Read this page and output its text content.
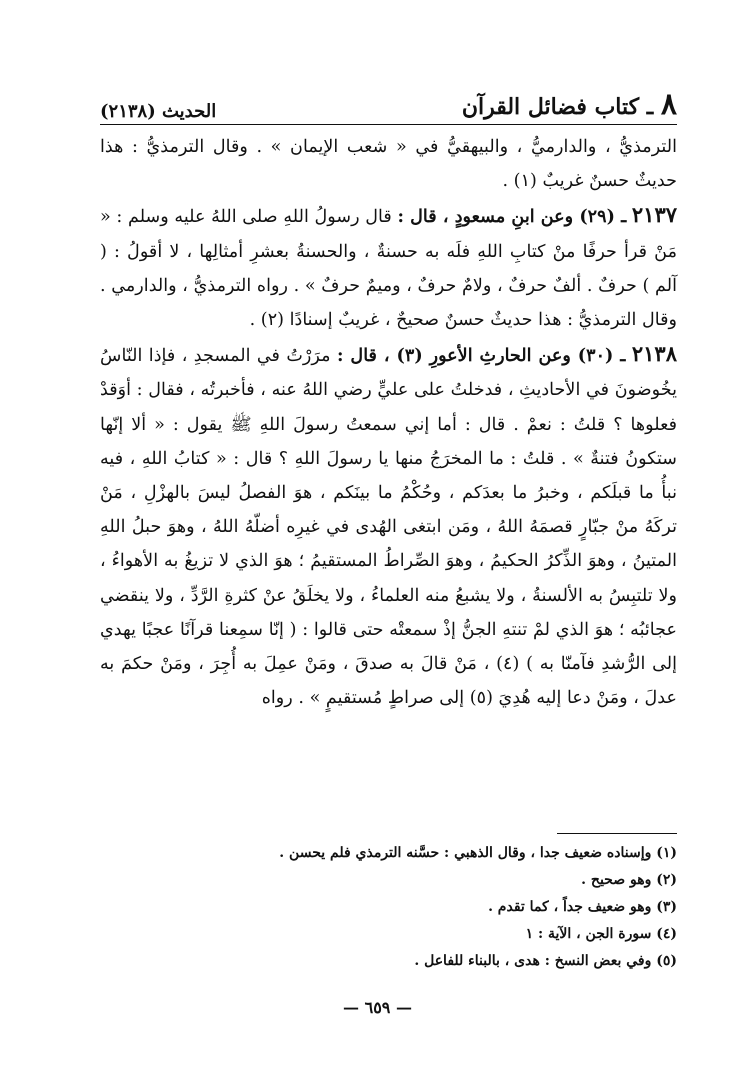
٨ ـ كتاب فضائل القرآن
الحديث (٢١٣٨)

الترمذيُّ ، والدارميُّ ، والبيهقيُّ في « شعب الإيمان » . وقال الترمذيُّ : هذا حديثٌ حسنٌ غريبٌ (١) .

٢١٣٧ ـ (٢٩) وعن ابنِ مسعودٍ ، قال : قال رسولُ اللهِ صلى اللهُ عليه وسلم : « مَنْ قرأ حرفًا منْ كتابِ اللهِ فلَه به حسنةٌ ، والحسنةُ بعشرِ أمثالِها ، لا أقولُ : ( آلم ) حرفٌ . ألفٌ حرفٌ ، ولامٌ حرفٌ ، وميمٌ حرفٌ » . رواه الترمذيُّ ، والدارمي . وقال الترمذيُّ : هذا حديثٌ حسنٌ صحيحٌ ، غريبٌ إسنادًا (٢) .

٢١٣٨ ـ (٣٠) وعن الحارثِ الأعورِ (٣) ، قال : مرَرْتُ في المسجدِ ، فإذا النّاسُ يخُوضونَ في الأحاديثِ ، فدخلتُ على عليٍّ رضي اللهُ عنه ، فأخبرتُه ، فقال : أوَقدْ فعلوها ؟ قلتُ : نعمْ . قال : أما إني سمعتُ رسولَ اللهِ ﷺ يقول : « ألا إنّها ستكونُ فتنةٌ » . قلتُ : ما المخرَجُ منها يا رسولَ اللهِ ؟ قال : « كتابُ اللهِ ، فيه نبأُ ما قبلَكم ، وخبرُ ما بعدَكم ، وحُكْمُ ما بينَكم ، هوَ الفصلُ ليسَ بالهزْلِ ، مَنْ تركَهُ منْ جبّارٍ قصمَهُ اللهُ ، ومَن ابتغى الهُدى في غيرِه أضلّهُ اللهُ ، وهوَ حبلُ اللهِ المتينُ ، وهوَ الذِّكرُ الحكيمُ ، وهوَ الصِّراطُ المستقيمُ ؛ هوَ الذي لا تزيغُ به الأهواءُ ، ولا تلتبِسُ به الألسنةُ ، ولا يشبعُ منه العلماءُ ، ولا يخلَقُ عنْ كثرةِ الرَّدِّ ، ولا ينقضي عجائبُه ؛ هوَ الذي لمْ تنتهِ الجنُّ إذْ سمعتْه حتى قالوا : ( إنّا سمِعنا قرآنًا عجبًا يهدي إلى الرُّشدِ فآمنّا به ) (٤) ، مَنْ قالَ به صدقَ ، ومَنْ عمِلَ به أُجِرَ ، ومَنْ حكمَ به عدلَ ، ومَنْ دعا إليه هُدِيَ (٥) إلى صراطٍ مُستقيمٍ » . رواه

(١) وإسناده ضعيف جدا ، وقال الذهبي : حسَّنه الترمذي فلم يحسن .
(٢) وهو صحيح .
(٣) وهو ضعيف جداً ، كما تقدم .
(٤) سورة الجن ، الآية : ١
(٥) وفي بعض النسخ : هدى ، بالبناء للفاعل .
— ٦٥٩ —
